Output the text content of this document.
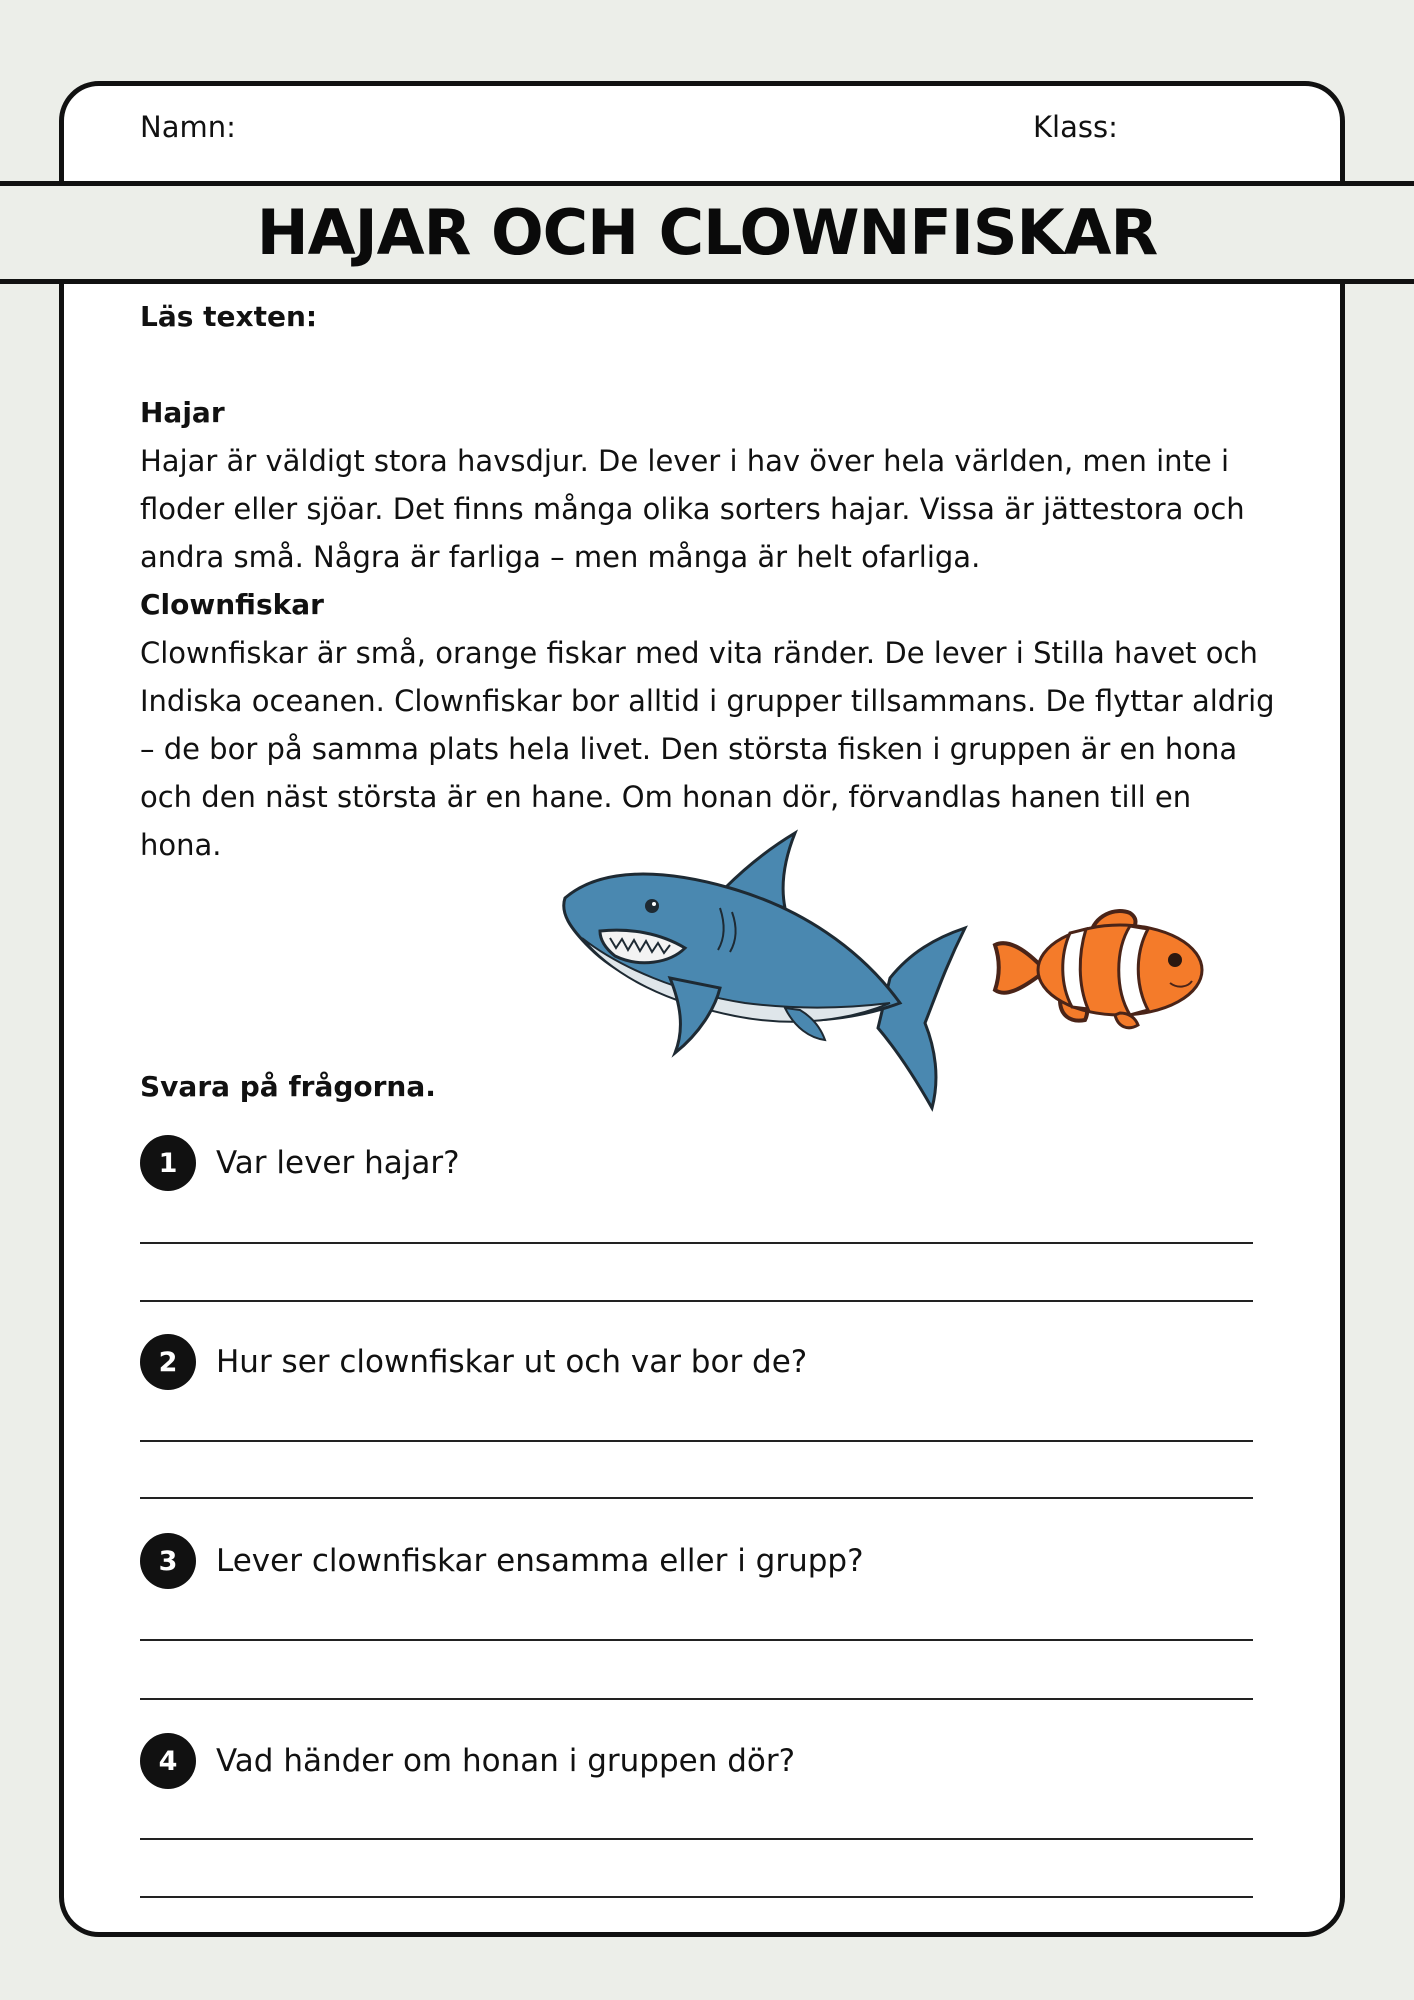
Namn:	Klass:
HAJAR OCH CLOWNFISKAR
Läs texten:
Hajar

Hajar är väldigt stora havsdjur. De lever i hav över hela världen, men inte i floder eller sjöar. Det finns många olika sorters hajar. Vissa är jättestora och andra små. Några är farliga – men många är helt ofarliga.

Clownfiskar

Clownfiskar är små, orange fiskar med vita ränder. De lever i Stilla havet och Indiska oceanen. Clownfiskar bor alltid i grupper tillsammans. De flyttar aldrig – de bor på samma plats hela livet. Den största fisken i gruppen är en hona och den näst största är en hane. Om honan dör, förvandlas hanen till en hona.

Svara på frågorna.
1	Var lever hajar?
2	Hur ser clownfiskar ut och var bor de?
3	Lever clownfiskar ensamma eller i grupp?
4	Vad händer om honan i gruppen dör?
